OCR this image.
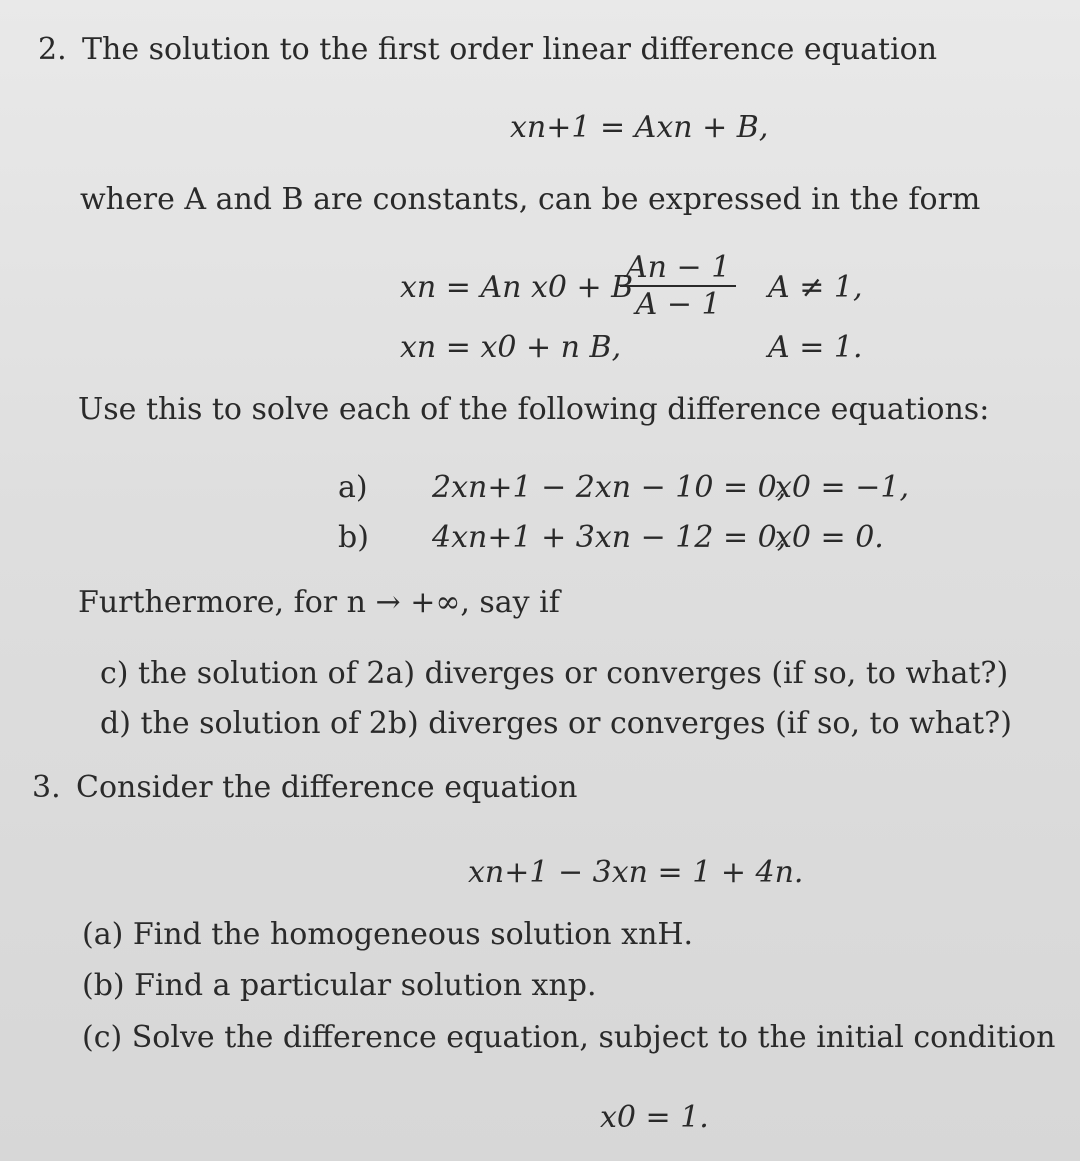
2. The solution to the first order linear difference equation
xn+1 = Axn + B,
where A and B are constants, can be expressed in the form
xn = An x0 + B
$\frac{An - 1}{A - 1}$ A ≠ 1,
xn = x0 + n B,	A = 1.
Use this to solve each of the following difference equations:
a) 2xn+1 − 2xn − 10 = 0,
x0 = −1,
b) 4xn+1 + 3xn − 12 = 0,
x0 = 0.
Furthermore, for n → +∞, say if
c) the solution of 2a) diverges or converges (if so, to what?)
d) the solution of 2b) diverges or converges (if so, to what?)
3. Consider the difference equation
xn+1 − 3xn = 1 + 4n.
(a) Find the homogeneous solution xnH.
(b) Find a particular solution xnp.
(c) Solve the difference equation, subject to the initial condition
x0 = 1.
